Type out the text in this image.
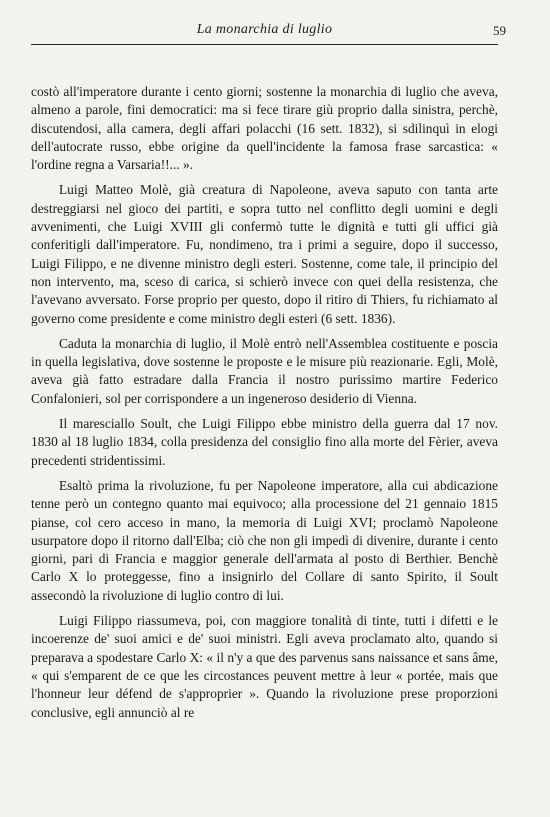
La monarchia di luglio	59

costò all'imperatore durante i cento giorni; sostenne la monarchia di luglio che aveva, almeno a parole, fini democratici: ma si fece tirare giù proprio dalla sinistra, perchè, discutendosi, alla camera, degli affari polacchi (16 sett. 1832), si sdilinquì in elogi dell'autocrate russo, ebbe origine da quell'incidente la famosa frase sarcastica: « l'ordine regna a Varsaria!!... ».

Luigi Matteo Molè, già creatura di Napoleone, aveva saputo con tanta arte destreggiarsi nel gioco dei partiti, e sopra tutto nel conflitto degli uomini e degli avvenimenti, che Luigi XVIII gli confermò tutte le dignità e tutti gli uffici già conferitigli dall'imperatore. Fu, nondimeno, tra i primi a seguire, dopo il successo, Luigi Filippo, e ne divenne ministro degli esteri. Sostenne, come tale, il principio del non intervento, ma, sceso di carica, si schierò invece con quei della resistenza, che l'avevano avversato. Forse proprio per questo, dopo il ritiro di Thiers, fu richiamato al governo come presidente e come ministro degli esteri (6 sett. 1836).

Caduta la monarchia di luglio, il Molè entrò nell'Assemblea costituente e poscia in quella legislativa, dove sostenne le proposte e le misure più reazionarie. Egli, Molè, aveva già fatto estradare dalla Francia il nostro purissimo martire Federico Confalonieri, sol per corrispondere a un ingeneroso desiderio di Vienna.

Il maresciallo Soult, che Luigi Filippo ebbe ministro della guerra dal 17 nov. 1830 al 18 luglio 1834, colla presidenza del consiglio fino alla morte del Fèrier, aveva precedenti stridentissimi.

Esaltò prima la rivoluzione, fu per Napoleone imperatore, alla cui abdicazione tenne però un contegno quanto mai equivoco; alla processione del 21 gennaio 1815 pianse, col cero acceso in mano, la memoria di Luigi XVI; proclamò Napoleone usurpatore dopo il ritorno dall'Elba; ciò che non gli impedì di divenire, durante i cento giorni, pari di Francia e maggior generale dell'armata al posto di Berthier. Benchè Carlo X lo proteggesse, fino a insignirlo del Collare di santo Spirito, il Soult assecondò la rivoluzione di luglio contro di lui.

Luigi Filippo riassumeva, poi, con maggiore tonalità di tinte, tutti i difetti e le incoerenze de' suoi amici e de' suoi ministri. Egli aveva proclamato alto, quando si preparava a spodestare Carlo X: « il n'y a que des parvenus sans naissance et sans âme, « qui s'emparent de ce que les circostances peuvent mettre à leur « portée, mais que l'honneur leur défend de s'approprier ». Quando la rivoluzione prese proporzioni conclusive, egli annunciò al re
